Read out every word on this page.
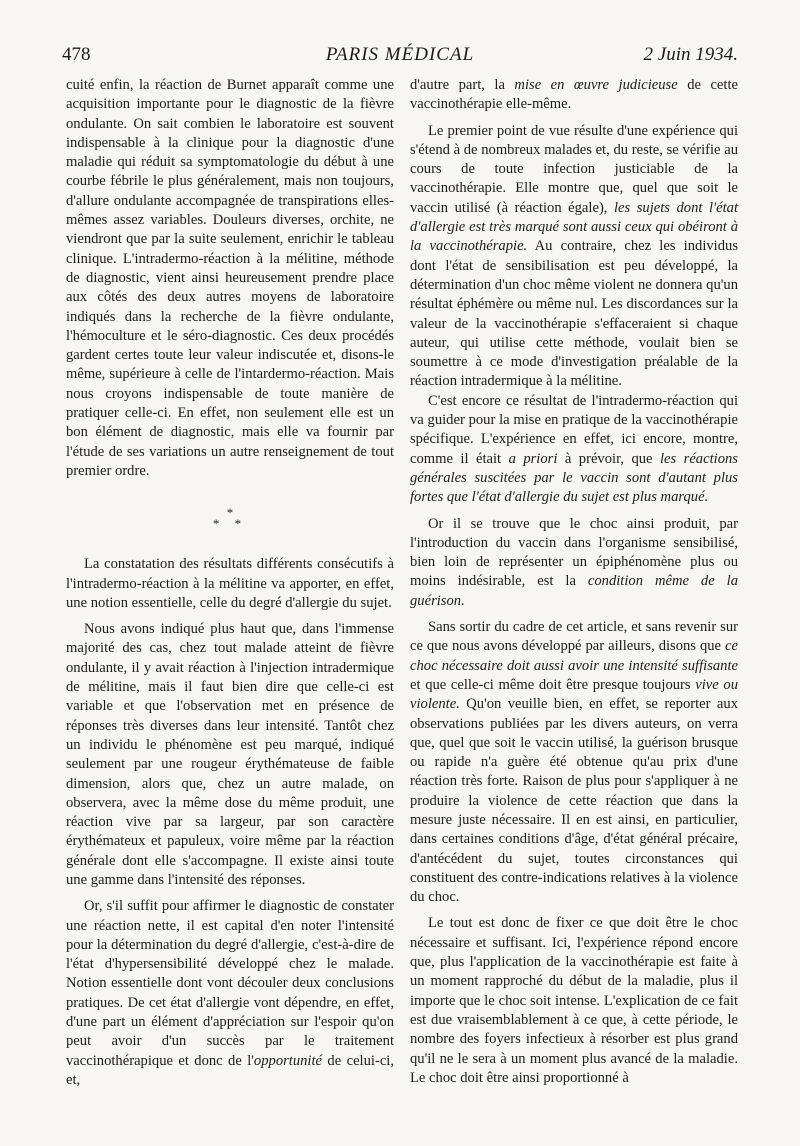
478	PARIS MÉDICAL	2 Juin 1934.

cuité enfin, la réaction de Burnet apparaît comme une acquisition importante pour le diagnostic de la fièvre ondulante. On sait combien le laboratoire est souvent indispensable à la clinique pour la diagnostic d'une maladie qui réduit sa symptomatologie du début à une courbe fébrile le plus généralement, mais non toujours, d'allure ondulante accompagnée de transpirations elles-mêmes assez variables. Douleurs diverses, orchite, ne viendront que par la suite seulement, enrichir le tableau clinique. L'intradermo-réaction à la mélitine, méthode de diagnostic, vient ainsi heureusement prendre place aux côtés des deux autres moyens de laboratoire indiqués dans la recherche de la fièvre ondulante, l'hémoculture et le séro-diagnostic. Ces deux procédés gardent certes toute leur valeur indiscutée et, disons-le même, supérieure à celle de l'intardermo-réaction. Mais nous croyons indispensable de toute manière de pratiquer celle-ci. En effet, non seulement elle est un bon élément de diagnostic, mais elle va fournir par l'étude de ses variations un autre renseignement de tout premier ordre.

*
* *

La constatation des résultats différents consécutifs à l'intradermo-réaction à la mélitine va apporter, en effet, une notion essentielle, celle du degré d'allergie du sujet.

Nous avons indiqué plus haut que, dans l'immense majorité des cas, chez tout malade atteint de fièvre ondulante, il y avait réaction à l'injection intradermique de mélitine, mais il faut bien dire que celle-ci est variable et que l'observation met en présence de réponses très diverses dans leur intensité. Tantôt chez un individu le phénomène est peu marqué, indiqué seulement par une rougeur érythémateuse de faible dimension, alors que, chez un autre malade, on observera, avec la même dose du même produit, une réaction vive par sa largeur, par son caractère érythémateux et papuleux, voire même par la réaction générale dont elle s'accompagne. Il existe ainsi toute une gamme dans l'intensité des réponses.

Or, s'il suffit pour affirmer le diagnostic de constater une réaction nette, il est capital d'en noter l'intensité pour la détermination du degré d'allergie, c'est-à-dire de l'état d'hypersensibilité développé chez le malade. Notion essentielle dont vont découler deux conclusions pratiques. De cet état d'allergie vont dépendre, en effet, d'une part un élément d'appréciation sur l'espoir qu'on peut avoir d'un succès par le traitement vaccinothérapique et donc de l'opportunité de celui-ci, et,

d'autre part, la mise en œuvre judicieuse de cette vaccinothérapie elle-même.

Le premier point de vue résulte d'une expérience qui s'étend à de nombreux malades et, du reste, se vérifie au cours de toute infection justiciable de la vaccinothérapie. Elle montre que, quel que soit le vaccin utilisé (à réaction égale), les sujets dont l'état d'allergie est très marqué sont aussi ceux qui obéiront à la vaccinothérapie. Au contraire, chez les individus dont l'état de sensibilisation est peu développé, la détermination d'un choc même violent ne donnera qu'un résultat éphémère ou même nul. Les discordances sur la valeur de la vaccinothérapie s'effaceraient si chaque auteur, qui utilise cette méthode, voulait bien se soumettre à ce mode d'investigation préalable de la réaction intradermique à la mélitine.

C'est encore ce résultat de l'intradermo-réaction qui va guider pour la mise en pratique de la vaccinothérapie spécifique. L'expérience en effet, ici encore, montre, comme il était a priori à prévoir, que les réactions générales suscitées par le vaccin sont d'autant plus fortes que l'état d'allergie du sujet est plus marqué.

Or il se trouve que le choc ainsi produit, par l'introduction du vaccin dans l'organisme sensibilisé, bien loin de représenter un épiphénomène plus ou moins indésirable, est la condition même de la guérison.

Sans sortir du cadre de cet article, et sans revenir sur ce que nous avons développé par ailleurs, disons que ce choc nécessaire doit aussi avoir une intensité suffisante et que celle-ci même doit être presque toujours vive ou violente. Qu'on veuille bien, en effet, se reporter aux observations publiées par les divers auteurs, on verra que, quel que soit le vaccin utilisé, la guérison brusque ou rapide n'a guère été obtenue qu'au prix d'une réaction très forte. Raison de plus pour s'appliquer à ne produire la violence de cette réaction que dans la mesure juste nécessaire. Il en est ainsi, en particulier, dans certaines conditions d'âge, d'état général précaire, d'antécédent du sujet, toutes circonstances qui constituent des contre-indications relatives à la violence du choc.

Le tout est donc de fixer ce que doit être le choc nécessaire et suffisant. Ici, l'expérience répond encore que, plus l'application de la vaccinothérapie est faite à un moment rapproché du début de la maladie, plus il importe que le choc soit intense. L'explication de ce fait est due vraisemblablement à ce que, à cette période, le nombre des foyers infectieux à résorber est plus grand qu'il ne le sera à un moment plus avancé de la maladie. Le choc doit être ainsi proportionné à
